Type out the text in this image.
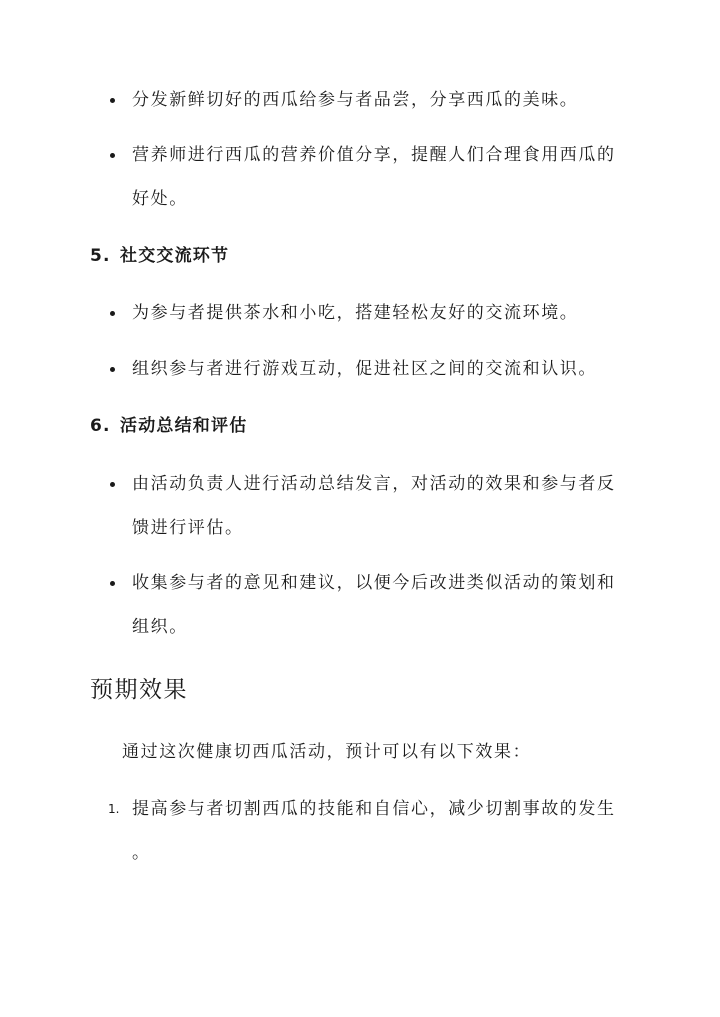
分发新鲜切好的西瓜给参与者品尝，分享西瓜的美味。
营养师进行西瓜的营养价值分享，提醒人们合理食用西瓜的
好处。
5. 社交交流环节
为参与者提供茶水和小吃，搭建轻松友好的交流环境。
组织参与者进行游戏互动，促进社区之间的交流和认识。
6. 活动总结和评估
由活动负责人进行活动总结发言，对活动的效果和参与者反
馈进行评估。
收集参与者的意见和建议，以便今后改进类似活动的策划和
组织。
预期效果
通过这次健康切西瓜活动，预计可以有以下效果：
1. 提高参与者切割西瓜的技能和自信心，减少切割事故的发生
。
